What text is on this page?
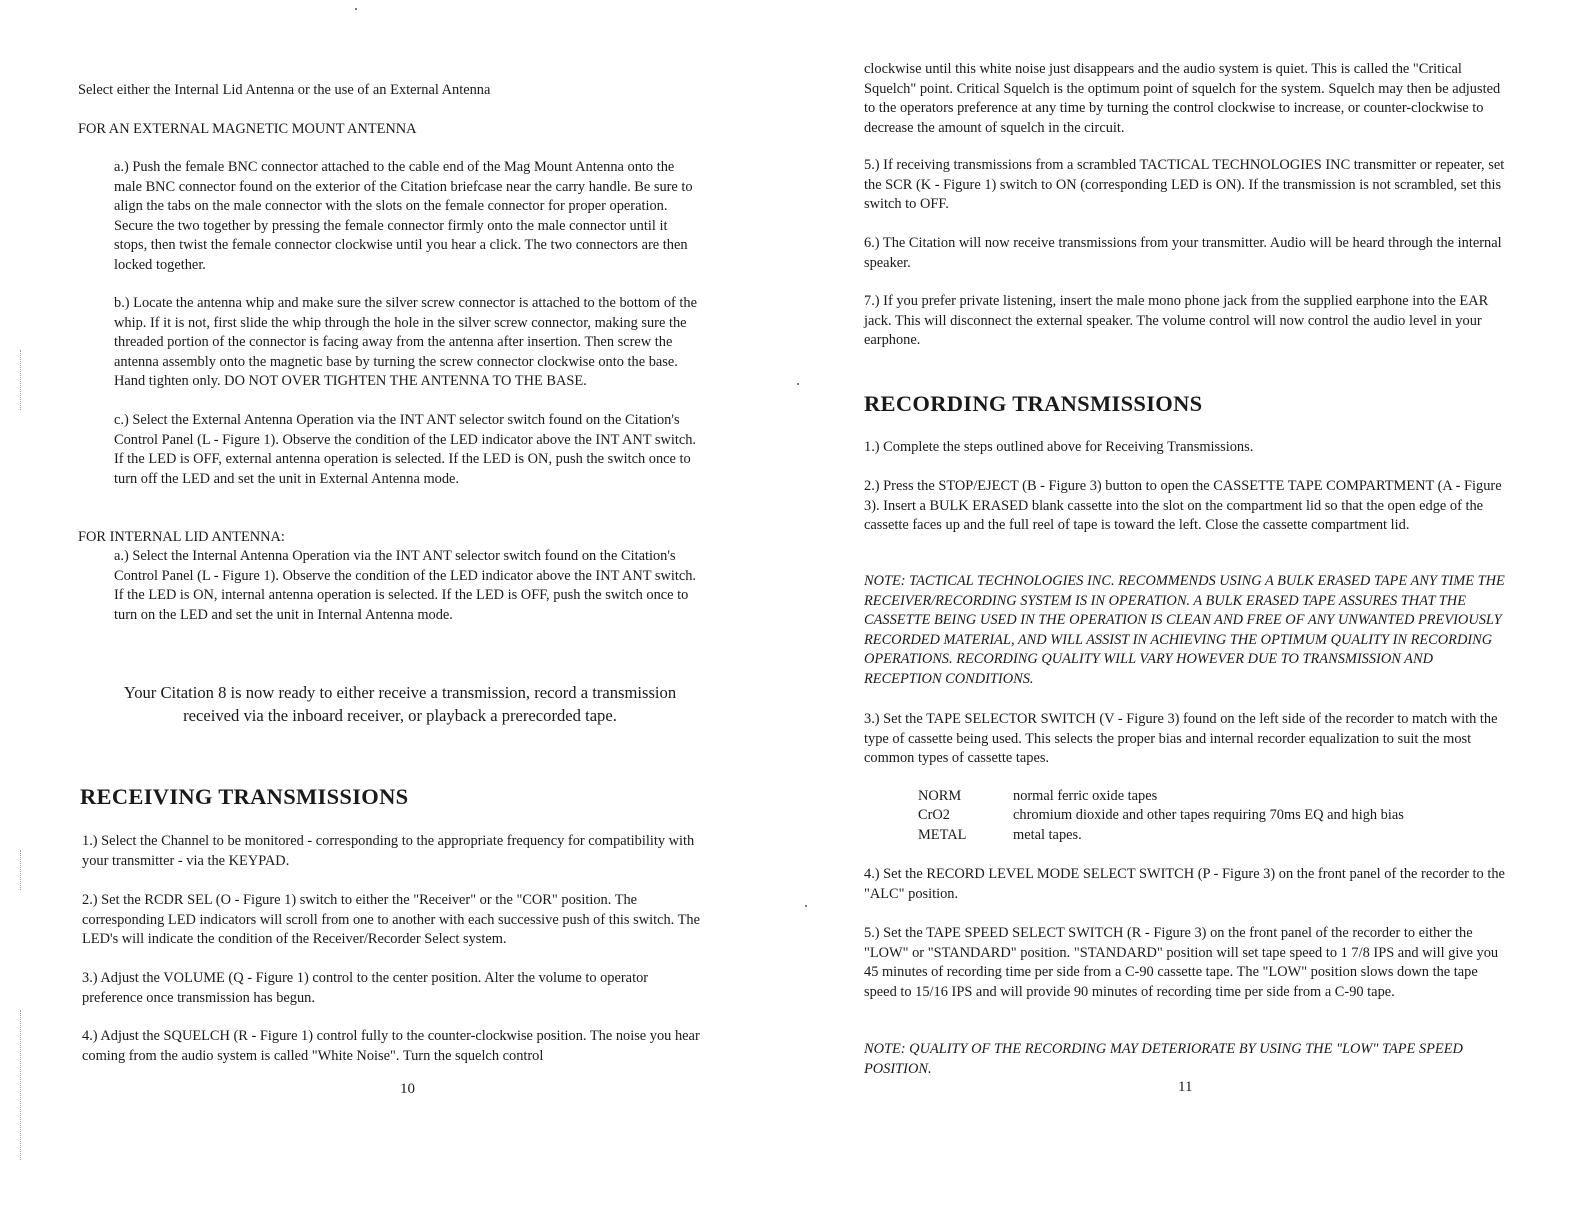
Select either the Internal Lid Antenna or the use of an External Antenna

FOR AN EXTERNAL MAGNETIC MOUNT ANTENNA

a.) Push the female BNC connector attached to the cable end of the Mag Mount Antenna onto the male BNC connector found on the exterior of the Citation briefcase near the carry handle. Be sure to align the tabs on the male connector with the slots on the female connector for proper operation. Secure the two together by pressing the female connector firmly onto the male connector until it stops, then twist the female connector clockwise until you hear a click. The two connectors are then locked together.

b.) Locate the antenna whip and make sure the silver screw connector is attached to the bottom of the whip. If it is not, first slide the whip through the hole in the silver screw connector, making sure the threaded portion of the connector is facing away from the antenna after insertion. Then screw the antenna assembly onto the magnetic base by turning the screw connector clockwise onto the base. Hand tighten only. DO NOT OVER TIGHTEN THE ANTENNA TO THE BASE.

c.) Select the External Antenna Operation via the INT ANT selector switch found on the Citation's Control Panel (L - Figure 1). Observe the condition of the LED indicator above the INT ANT switch. If the LED is OFF, external antenna operation is selected. If the LED is ON, push the switch once to turn off the LED and set the unit in External Antenna mode.

FOR INTERNAL LID ANTENNA:

a.) Select the Internal Antenna Operation via the INT ANT selector switch found on the Citation's Control Panel (L - Figure 1). Observe the condition of the LED indicator above the INT ANT switch. If the LED is ON, internal antenna operation is selected. If the LED is OFF, push the switch once to turn on the LED and set the unit in Internal Antenna mode.

Your Citation 8 is now ready to either receive a transmission, record a transmission

received via the inboard receiver, or playback a prerecorded tape.

RECEIVING TRANSMISSIONS

1.) Select the Channel to be monitored - corresponding to the appropriate frequency for compatibility with your transmitter - via the KEYPAD.

2.) Set the RCDR SEL (O - Figure 1) switch to either the "Receiver" or the "COR" position. The corresponding LED indicators will scroll from one to another with each successive push of this switch. The LED's will indicate the condition of the Receiver/Recorder Select system.

3.) Adjust the VOLUME (Q - Figure 1) control to the center position. Alter the volume to operator preference once transmission has begun.

4.) Adjust the SQUELCH (R - Figure 1) control fully to the counter-clockwise position. The noise you hear coming from the audio system is called "White Noise". Turn the squelch control

10

clockwise until this white noise just disappears and the audio system is quiet. This is called the "Critical Squelch" point. Critical Squelch is the optimum point of squelch for the system. Squelch may then be adjusted to the operators preference at any time by turning the control clockwise to increase, or counter-clockwise to decrease the amount of squelch in the circuit.

5.) If receiving transmissions from a scrambled TACTICAL TECHNOLOGIES INC transmitter or repeater, set the SCR (K - Figure 1) switch to ON (corresponding LED is ON). If the transmission is not scrambled, set this switch to OFF.

6.) The Citation will now receive transmissions from your transmitter. Audio will be heard through the internal speaker.

7.) If you prefer private listening, insert the male mono phone jack from the supplied earphone into the EAR jack. This will disconnect the external speaker. The volume control will now control the audio level in your earphone.

RECORDING TRANSMISSIONS

1.) Complete the steps outlined above for Receiving Transmissions.

2.) Press the STOP/EJECT (B - Figure 3) button to open the CASSETTE TAPE COMPARTMENT (A - Figure 3). Insert a BULK ERASED blank cassette into the slot on the compartment lid so that the open edge of the cassette faces up and the full reel of tape is toward the left. Close the cassette compartment lid.

NOTE: TACTICAL TECHNOLOGIES INC. RECOMMENDS USING A BULK ERASED TAPE ANY TIME THE RECEIVER/RECORDING SYSTEM IS IN OPERATION. A BULK ERASED TAPE ASSURES THAT THE CASSETTE BEING USED IN THE OPERATION IS CLEAN AND FREE OF ANY UNWANTED PREVIOUSLY RECORDED MATERIAL, AND WILL ASSIST IN ACHIEVING THE OPTIMUM QUALITY IN RECORDING OPERATIONS. RECORDING QUALITY WILL VARY HOWEVER DUE TO TRANSMISSION AND RECEPTION CONDITIONS.

3.) Set the TAPE SELECTOR SWITCH (V - Figure 3) found on the left side of the recorder to match with the type of cassette being used. This selects the proper bias and internal recorder equalization to suit the most common types of cassette tapes.

NORM	normal ferric oxide tapes
CrO2	chromium dioxide and other tapes requiring 70ms EQ and high bias
METAL	metal tapes.

4.) Set the RECORD LEVEL MODE SELECT SWITCH (P - Figure 3) on the front panel of the recorder to the "ALC" position.

5.) Set the TAPE SPEED SELECT SWITCH (R - Figure 3) on the front panel of the recorder to either the "LOW" or "STANDARD" position. "STANDARD" position will set tape speed to 1 7/8 IPS and will give you 45 minutes of recording time per side from a C-90 cassette tape. The "LOW" position slows down the tape speed to 15/16 IPS and will provide 90 minutes of recording time per side from a C-90 tape.

NOTE: QUALITY OF THE RECORDING MAY DETERIORATE BY USING THE "LOW" TAPE SPEED POSITION.

11
